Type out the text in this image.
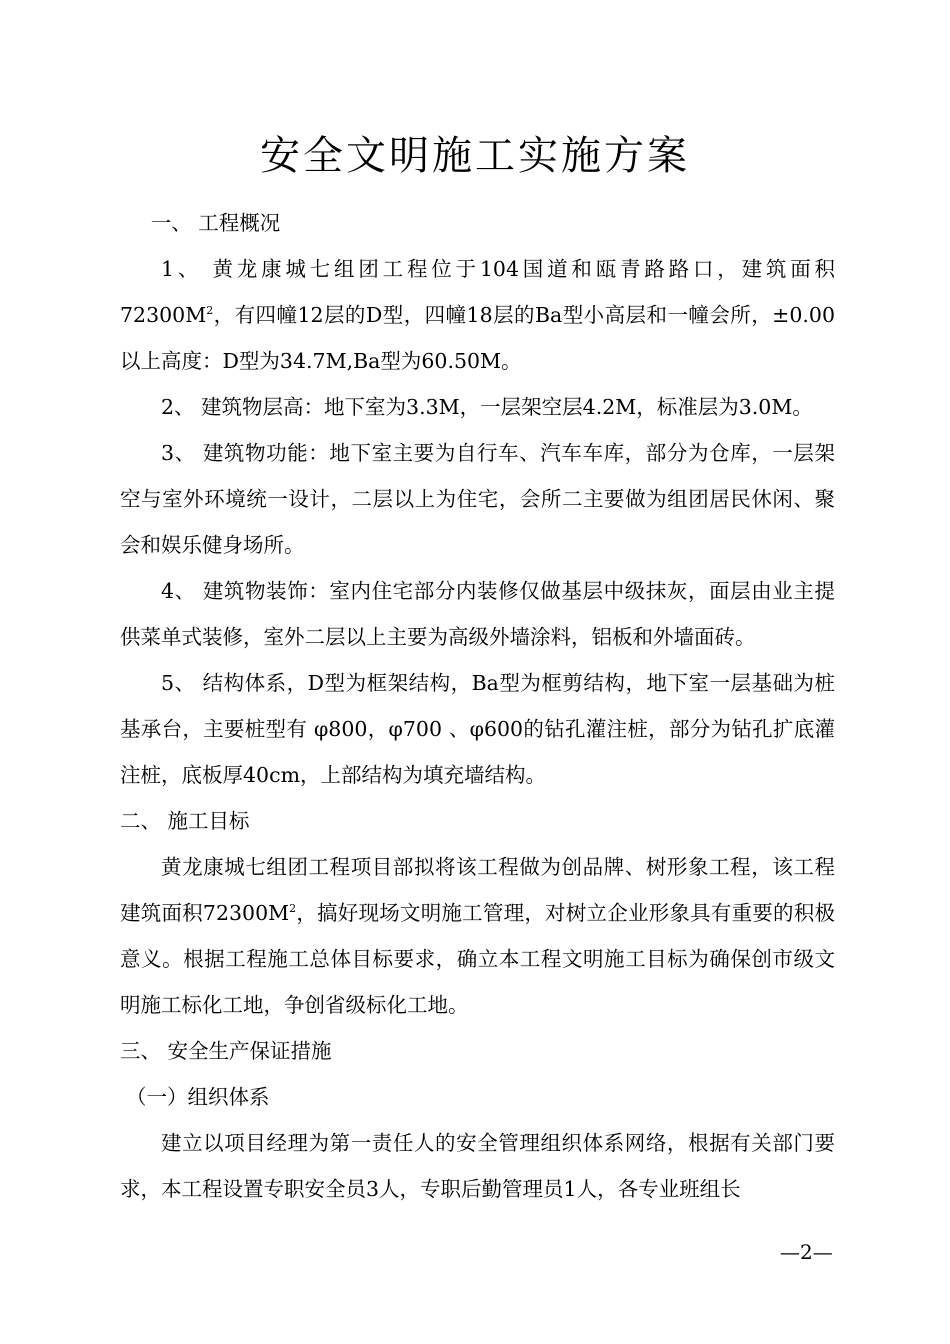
安全文明施工实施方案

一、 工程概况

1、 黄龙康城七组团工程位于104国道和瓯青路路口，建筑面积$72300M^2$，有四幢12层的D型，四幢18层的Ba型小高层和一幢会所，±0.00以上高度：D型为34.7M,Ba型为60.50M。

2、 建筑物层高：地下室为3.3M，一层架空层4.2M，标准层为3.0M。

3、 建筑物功能：地下室主要为自行车、汽车车库，部分为仓库，一层架空与室外环境统一设计，二层以上为住宅，会所二主要做为组团居民休闲、聚会和娱乐健身场所。

4、 建筑物装饰：室内住宅部分内装修仅做基层中级抹灰，面层由业主提供菜单式装修，室外二层以上主要为高级外墙涂料，铝板和外墙面砖。

5、 结构体系，D型为框架结构，Ba型为框剪结构，地下室一层基础为桩基承台，主要桩型有 φ800，φ700 、φ600的钻孔灌注桩，部分为钻孔扩底灌注桩，底板厚40cm，上部结构为填充墙结构。

二、 施工目标

黄龙康城七组团工程项目部拟将该工程做为创品牌、树形象工程，该工程建筑面积$72300M^2$，搞好现场文明施工管理，对树立企业形象具有重要的积极意义。根据工程施工总体目标要求，确立本工程文明施工目标为确保创市级文明施工标化工地，争创省级标化工地。

三、 安全生产保证措施

（一）组织体系

建立以项目经理为第一责任人的安全管理组织体系网络，根据有关部门要求，本工程设置专职安全员3人，专职后勤管理员1人，各专业班组长

—2—
